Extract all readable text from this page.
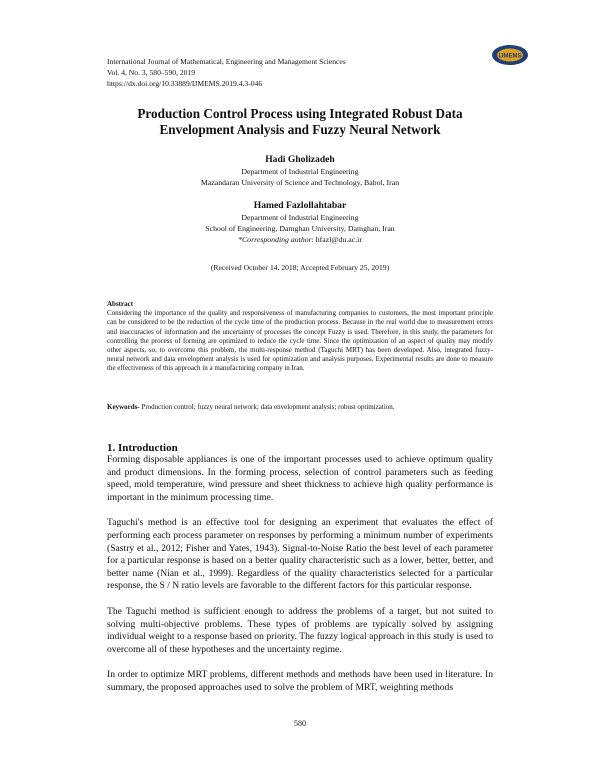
International Journal of Mathematical, Engineering and Management Sciences
Vol. 4, No. 3, 580–590, 2019
https://dx.doi.org/10.33889/IJMEMS.2019.4.3-046
IJMEMS
Production Control Process using Integrated Robust Data Envelopment Analysis and Fuzzy Neural Network
Hadi Gholizadeh
Department of Industrial Engineering
Mazandaran University of Science and Technology, Babol, Iran
Hamed Fazlollahtabar
Department of Industrial Engineering
School of Engineering, Damghan University, Damghan, Iran
*Corresponding author: hfazl@du.ac.ir
(Received October 14, 2018; Accepted February 25, 2019)
Abstract
Considering the importance of the quality and responsiveness of manufacturing companies to customers, the most important principle can be considered to be the reduction of the cycle time of the production process. Because in the real world due to measurement errors and inaccuracies of information and the uncertainty of processes the concept Fuzzy is used. Therefore, in this study, the parameters for controlling the process of forming are optimized to reduce the cycle time. Since the optimization of an aspect of quality may modify other aspects, so, to overcome this problem, the multi-response method (Taguchi MRT) has been developed. Also, integrated fuzzy-neural network and data envelopment analysis is used for optimization and analysis purposes. Experimental results are done to measure the effectiveness of this approach in a manufacturing company in Iran.
Keywords- Production control; fuzzy neural network; data envelopment analysis; robust optimization.
1. Introduction

Forming disposable appliances is one of the important processes used to achieve optimum quality and product dimensions. In the forming process, selection of control parameters such as feeding speed, mold temperature, wind pressure and sheet thickness to achieve high quality performance is important in the minimum processing time.

Taguchi's method is an effective tool for designing an experiment that evaluates the effect of performing each process parameter on responses by performing a minimum number of experiments (Sastry et al., 2012; Fisher and Yates, 1943). Signal-to-Noise Ratio the best level of each parameter for a particular response is based on a better quality characteristic such as a lower, better, better, and better name (Nian et al., 1999). Regardless of the quality characteristics selected for a particular response, the S / N ratio levels are favorable to the different factors for this particular response.

The Taguchi method is sufficient enough to address the problems of a target, but not suited to solving multi-objective problems. These types of problems are typically solved by assigning individual weight to a response based on priority. The fuzzy logical approach in this study is used to overcome all of these hypotheses and the uncertainty regime.

In order to optimize MRT problems, different methods and methods have been used in literature. In summary, the proposed approaches used to solve the problem of MRT, weighting methods

580
